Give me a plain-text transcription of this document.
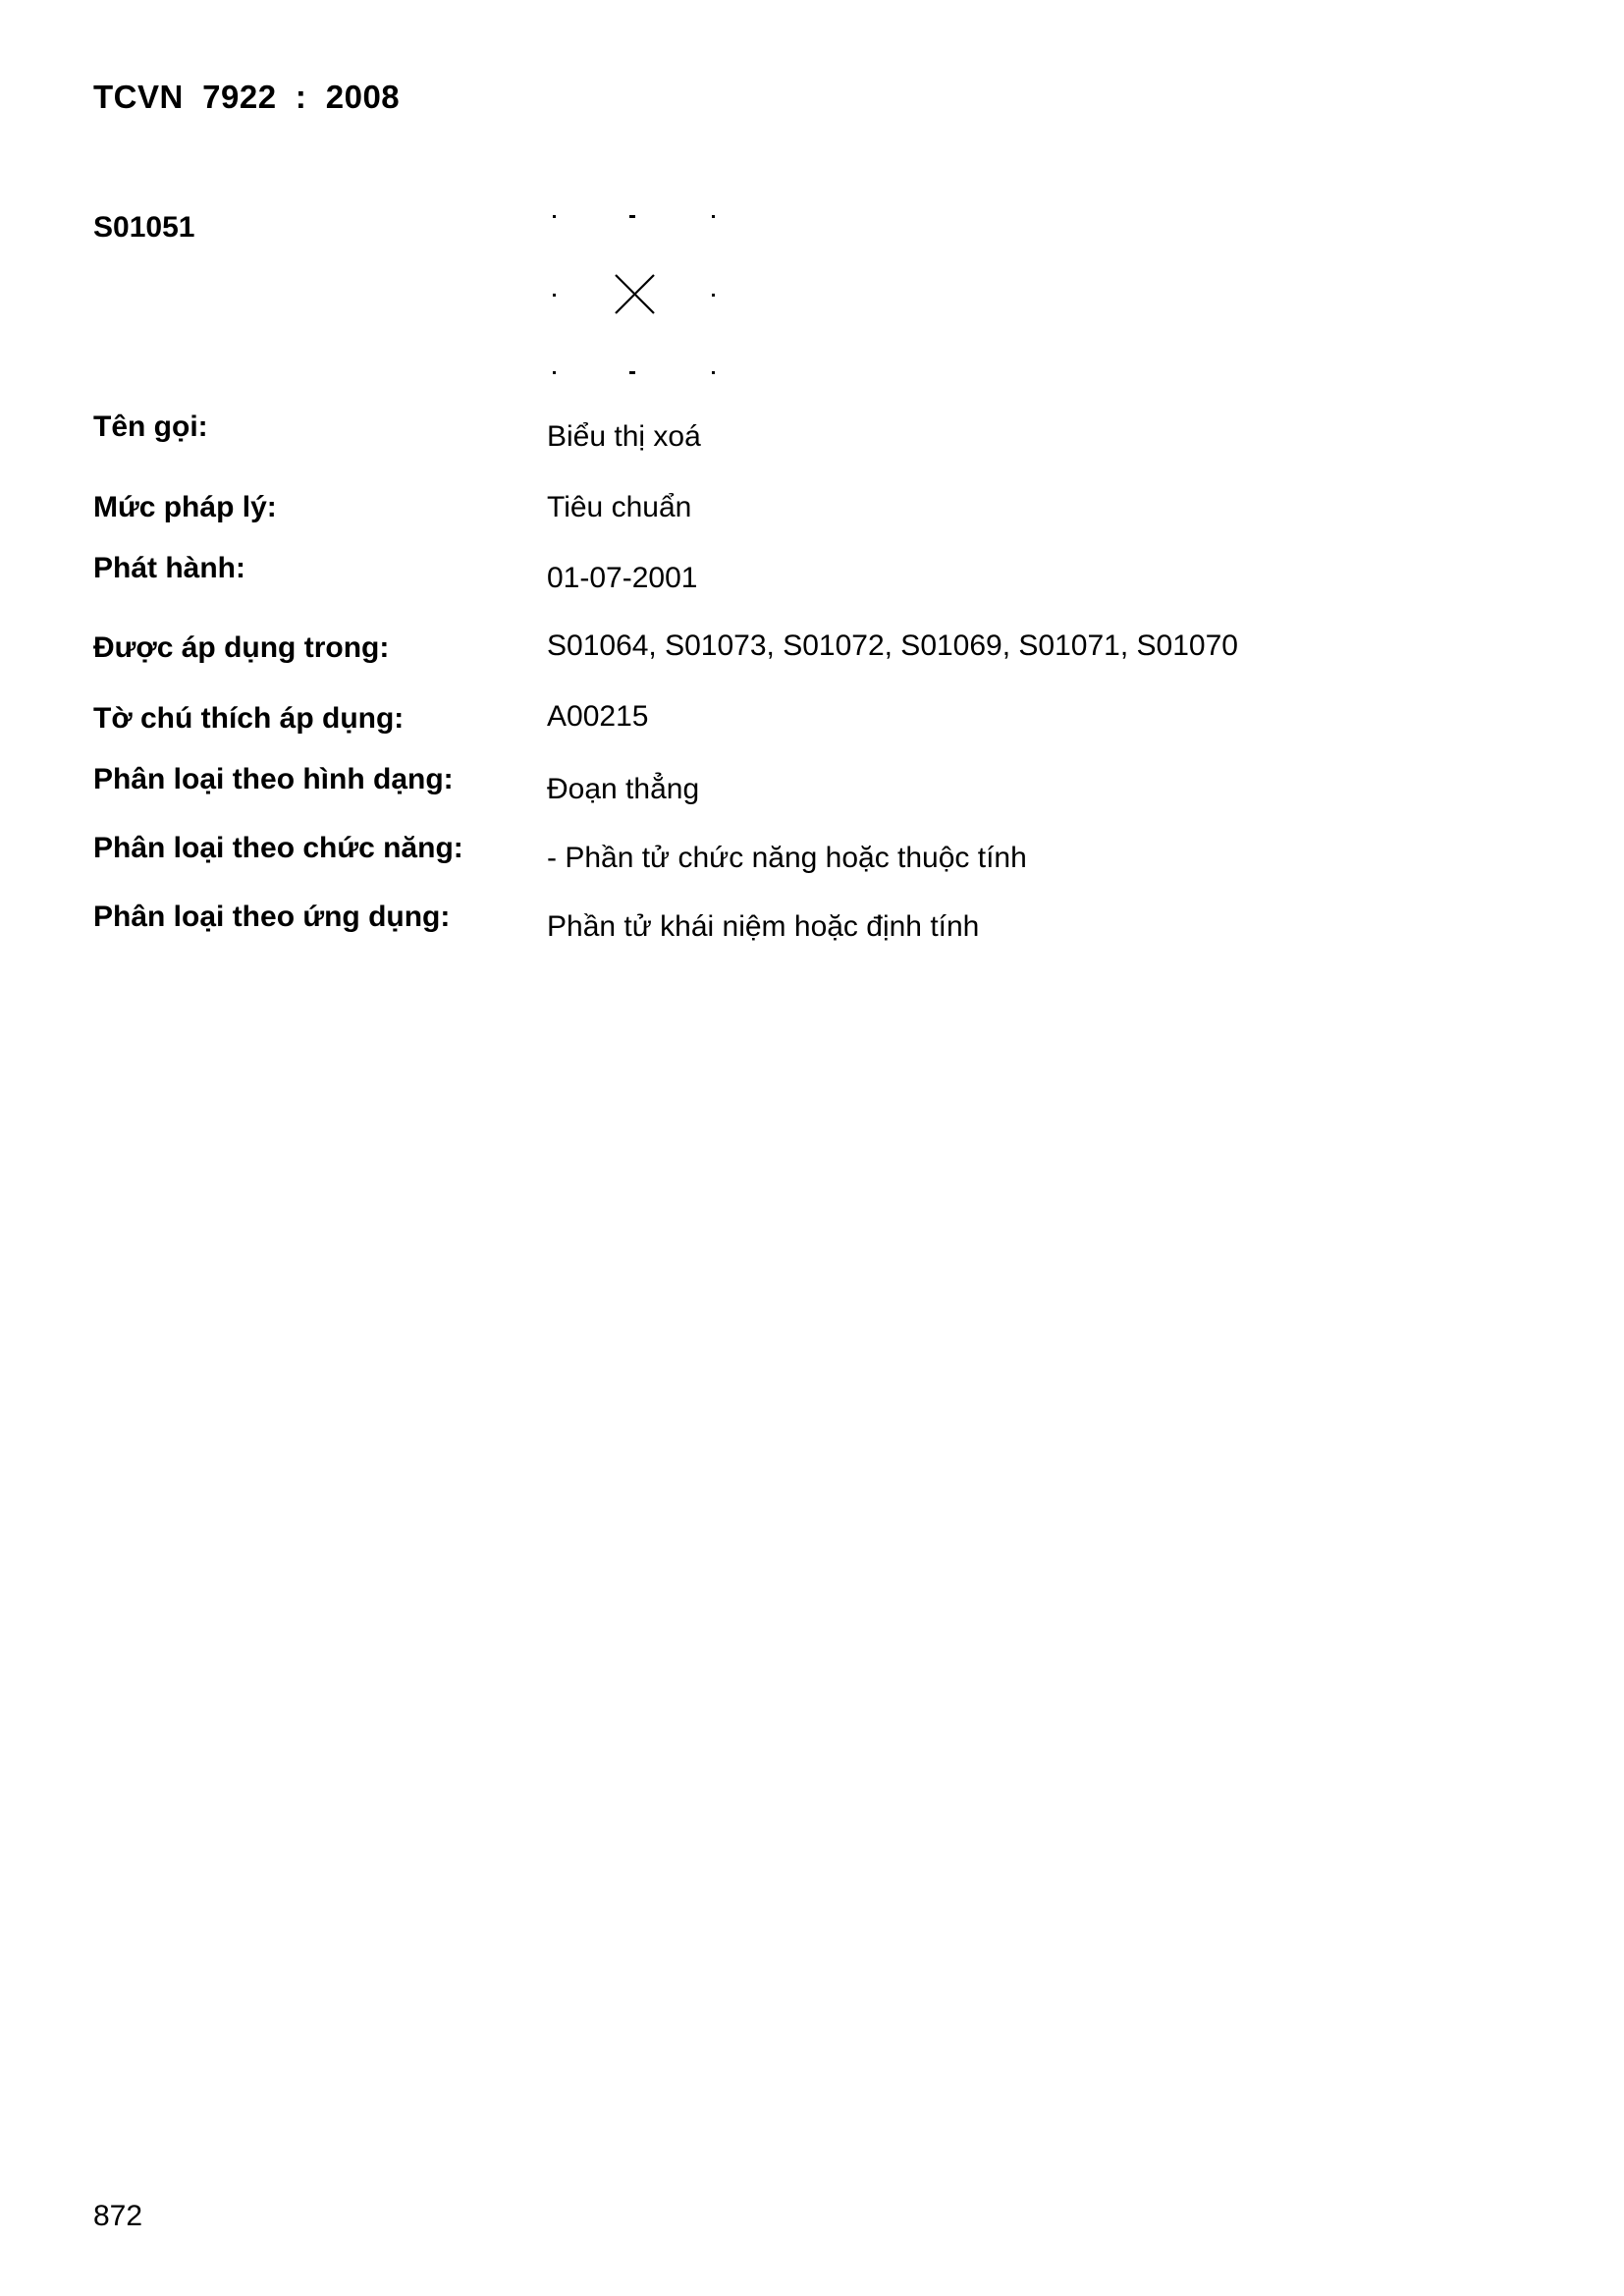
TCVN  7922  :  2008
S01051
Tên gọi:	Biểu thị xoá
Mức pháp lý:	Tiêu chuẩn
Phát hành:	01-07-2001
Được áp dụng trong:	S01064, S01073, S01072, S01069, S01071, S01070
Tờ chú thích áp dụng:	A00215
Phân loại theo hình dạng:	Đoạn thẳng
Phân loại theo chức năng:	- Phần tử chức năng hoặc thuộc tính
Phân loại theo ứng dụng:	Phần tử khái niệm hoặc định tính
872
